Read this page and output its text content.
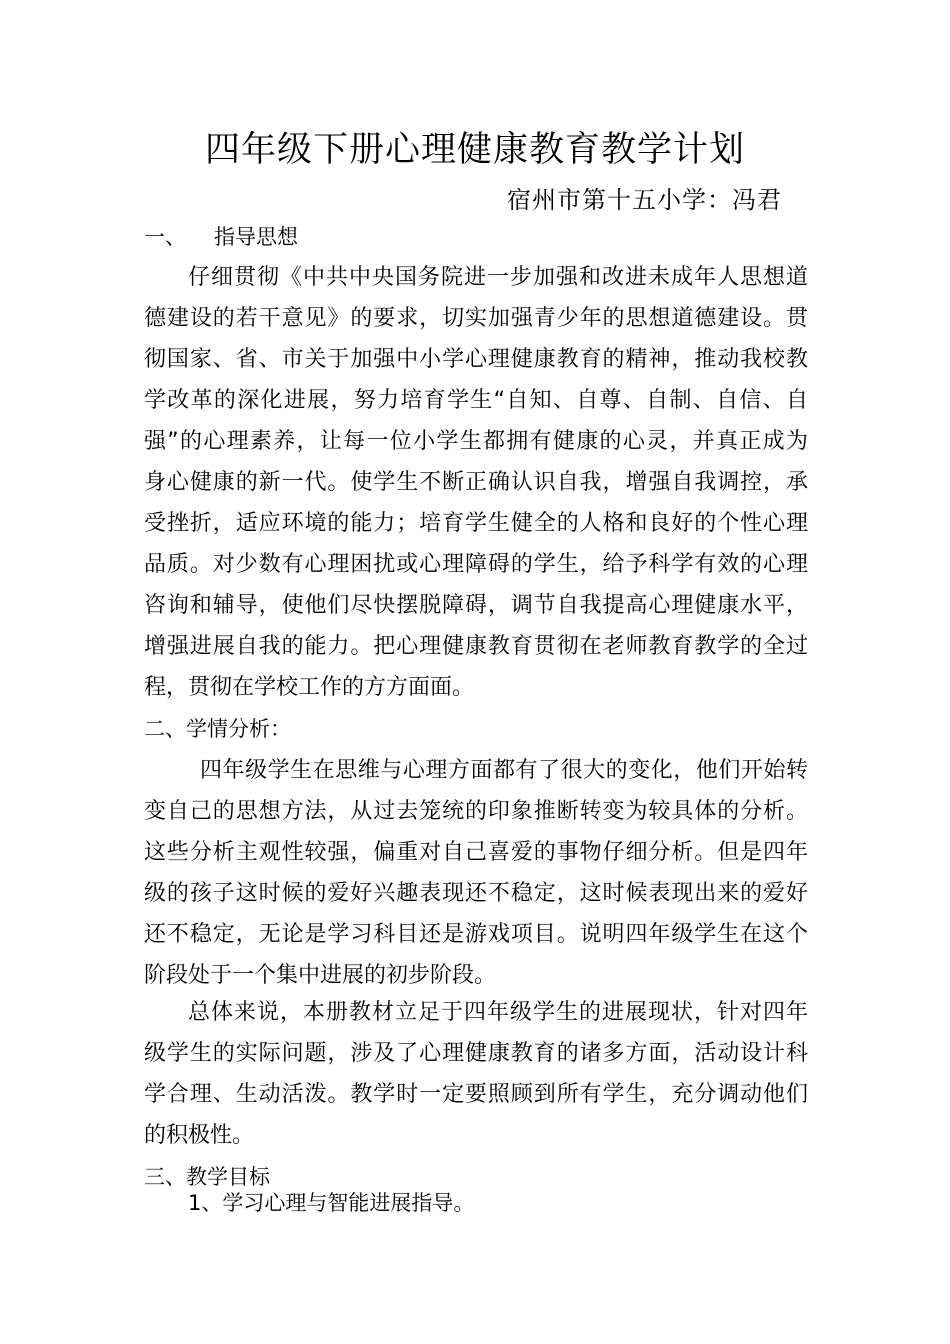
四年级下册心理健康教育教学计划
宿州市第十五小学：冯君
一、 指导思想
仔细贯彻《中共中央国务院进一步加强和改进未成年人思想道
德建设的若干意见》的要求，切实加强青少年的思想道德建设。贯
彻国家、省、市关于加强中小学心理健康教育的精神，推动我校教
学改革的深化进展，努力培育学生“自知、自尊、自制、自信、自
强”的心理素养，让每一位小学生都拥有健康的心灵，并真正成为
身心健康的新一代。使学生不断正确认识自我，增强自我调控，承
受挫折，适应环境的能力；培育学生健全的人格和良好的个性心理
品质。对少数有心理困扰或心理障碍的学生，给予科学有效的心理
咨询和辅导，使他们尽快摆脱障碍，调节自我提高心理健康水平，
增强进展自我的能力。把心理健康教育贯彻在老师教育教学的全过
程，贯彻在学校工作的方方面面。
二、学情分析：
四年级学生在思维与心理方面都有了很大的变化，他们开始转
变自己的思想方法，从过去笼统的印象推断转变为较具体的分析。
这些分析主观性较强，偏重对自己喜爱的事物仔细分析。但是四年
级的孩子这时候的爱好兴趣表现还不稳定，这时候表现出来的爱好
还不稳定，无论是学习科目还是游戏项目。说明四年级学生在这个
阶段处于一个集中进展的初步阶段。
总体来说，本册教材立足于四年级学生的进展现状，针对四年
级学生的实际问题，涉及了心理健康教育的诸多方面，活动设计科
学合理、生动活泼。教学时一定要照顾到所有学生，充分调动他们
的积极性。
三、教学目标
1、学习心理与智能进展指导。
